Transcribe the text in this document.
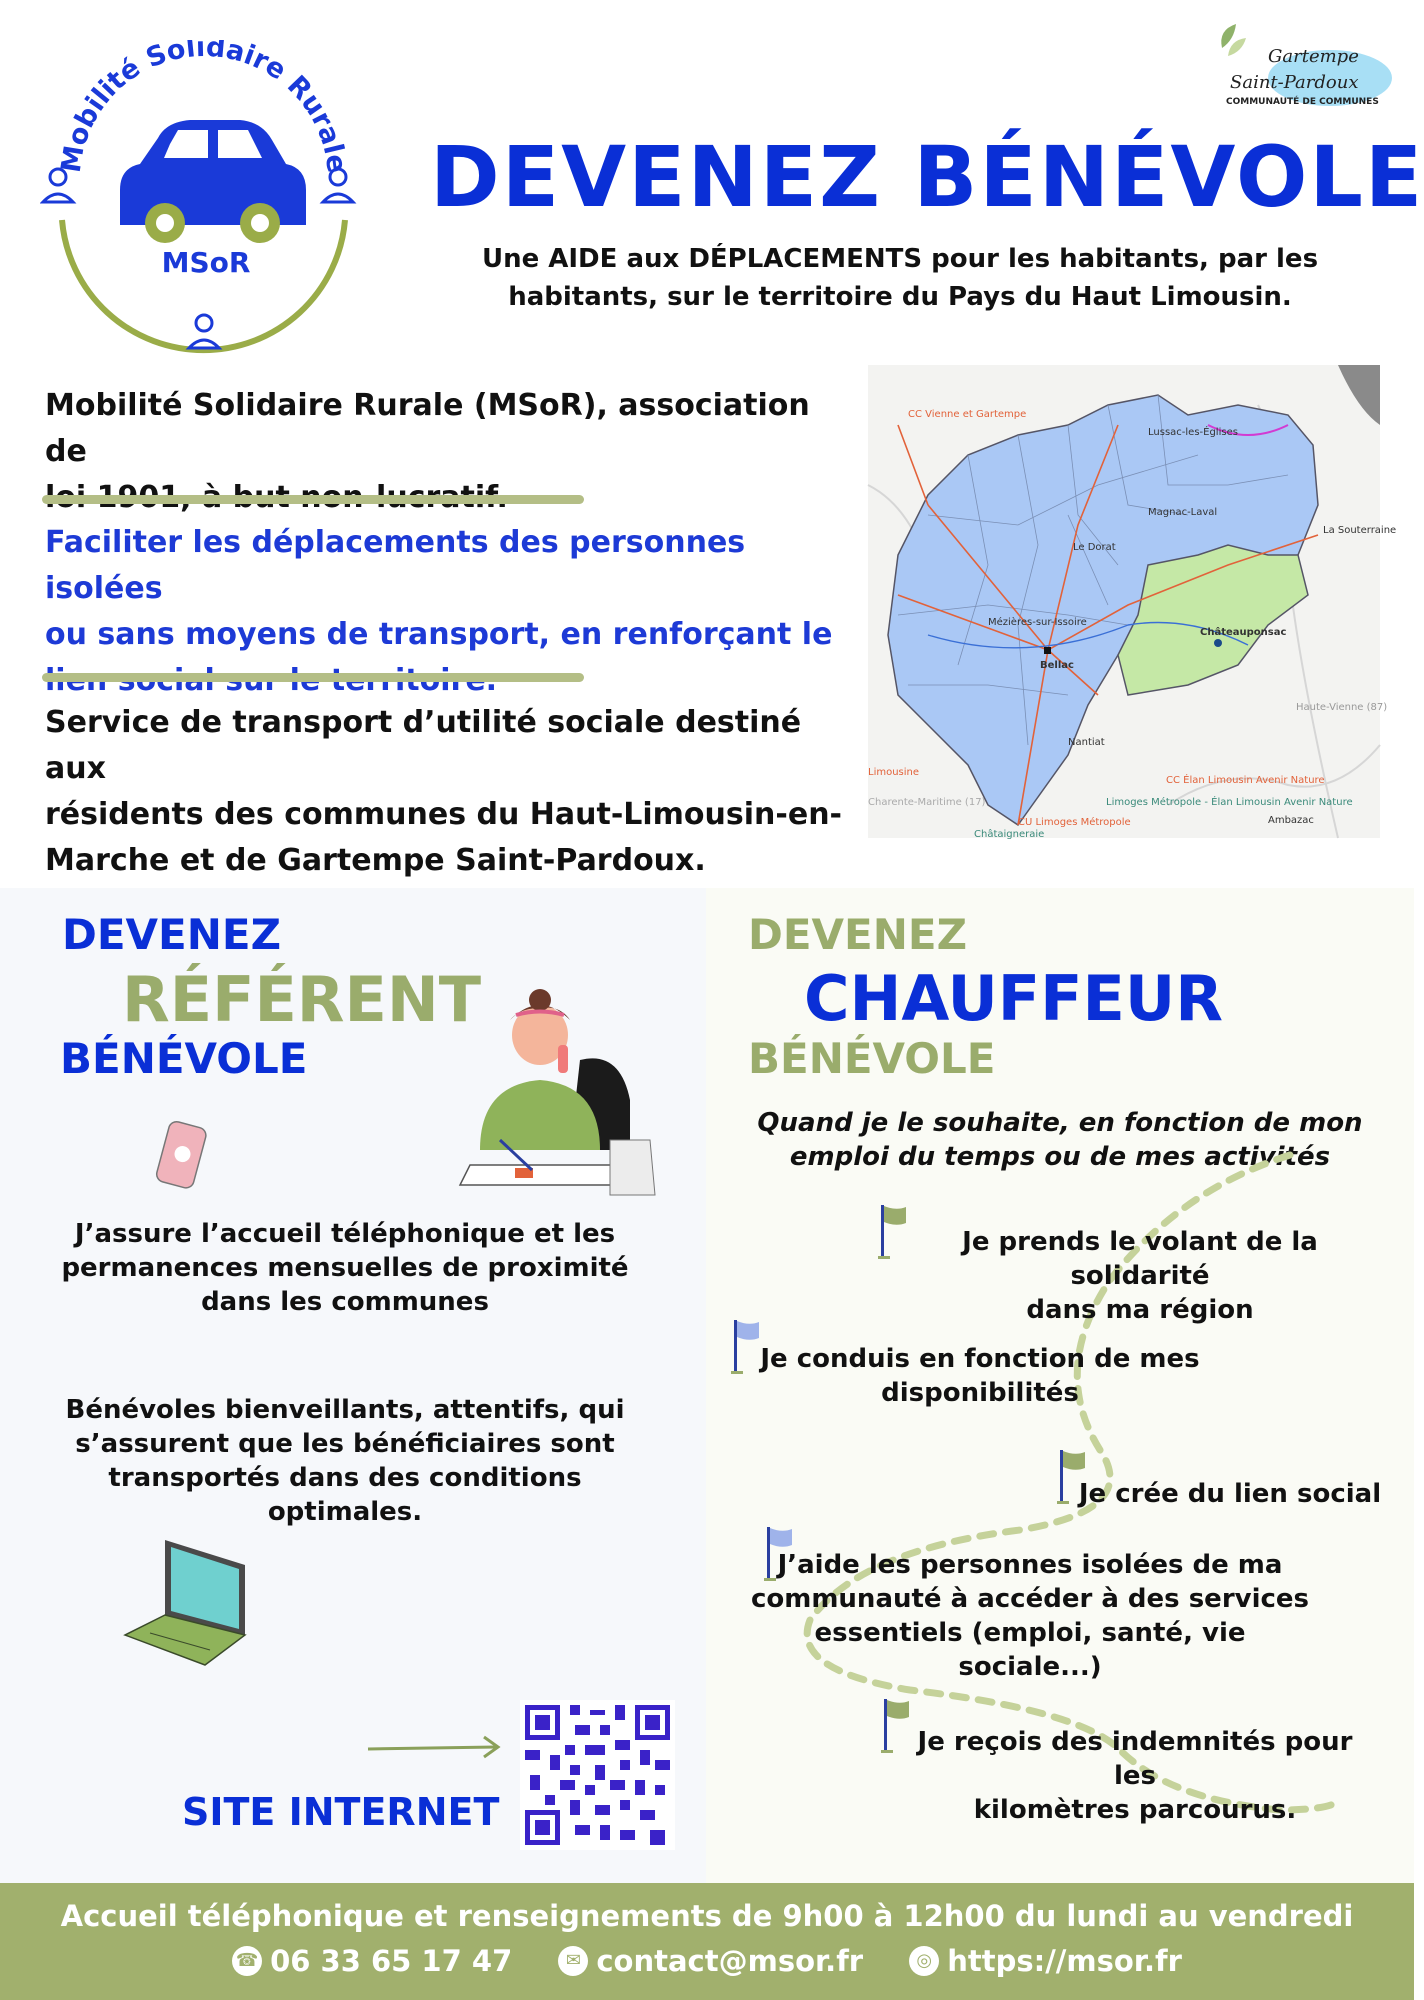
Mobilité Solidaire Rurale
MSoR
Gartempe
Saint-Pardoux
COMMUNAUTÉ DE COMMUNES
DEVENEZ BÉNÉVOLE
Une AIDE aux DÉPLACEMENTS pour les habitants, par les
habitants, sur le territoire du Pays du Haut Limousin.
Mobilité Solidaire Rurale (MSoR), association de
Faciliter les déplacements des personnes isolées
ou sans moyens de transport, en renforçant le
Service de transport d’utilité sociale destiné aux
résidents des communes du Haut-Limousin-en-
Marche et de Gartempe Saint-Pardoux.
CC Vienne et Gartempe
La Souterraine
Haute-Vienne (87)
CC Élan Limousin Avenir Nature
Limoges Métropole - Élan Limousin Avenir Nature
CU Limoges Métropole
Châtaigneraie
Charente-Maritime (17)
Ambazac
Bellac
Châteauponsac
Le Dorat
Lussac-les-Églises
Magnac-Laval
Mézières-sur-Issoire
Nantiat
Limousine
DEVENEZ
RÉFÉRENT
BÉNÉVOLE
J’assure l’accueil téléphonique et les
permanences mensuelles de proximité
dans les communes
Bénévoles bienveillants, attentifs, qui
s’assurent que les bénéficiaires sont
transportés dans des conditions optimales.
SITE INTERNET
DEVENEZ
CHAUFFEUR
BÉNÉVOLE
Quand je le souhaite, en fonction de mon
emploi du temps ou de mes activités
Je prends le volant de la solidarité
dans ma région
Je conduis en fonction de mes
disponibilités
Je crée du lien social
J’aide les personnes isolées de ma
communauté à accéder à des services
essentiels (emploi, santé, vie sociale...)
Je reçois des indemnités pour les
kilomètres parcourus.
Accueil téléphonique et renseignements de 9h00 à 12h00 du lundi au vendredi
☎ 06 33 65 17 47
	✉ contact@msor.fr
	◎ https://msor.fr
